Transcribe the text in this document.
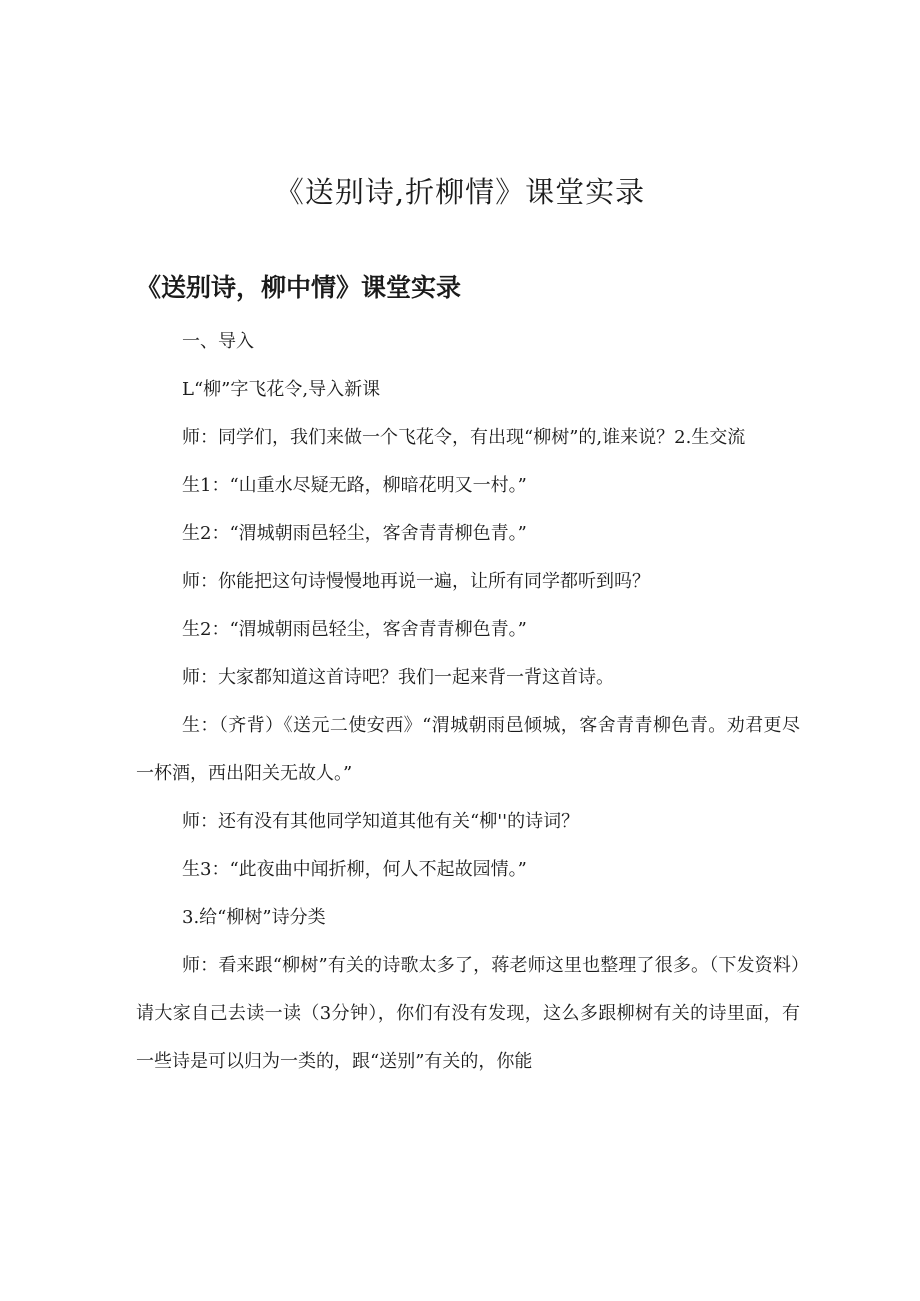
《送别诗,折柳情》课堂实录
《送别诗，柳中情》课堂实录

一、导入

L“柳”字飞花令,导入新课

师：同学们，我们来做一个飞花令，有出现“柳树”的,谁来说？2.生交流

生1：“山重水尽疑无路，柳暗花明又一村。”

生2：“渭城朝雨邑轻尘，客舍青青柳色青。”

师：你能把这句诗慢慢地再说一遍，让所有同学都听到吗？

生2：“渭城朝雨邑轻尘，客舍青青柳色青。”

师：大家都知道这首诗吧？我们一起来背一背这首诗。

生：（齐背）《送元二使安西》“渭城朝雨邑倾城，客舍青青柳色青。劝君更尽一杯酒，西出阳关无故人。”

师：还有没有其他同学知道其他有关“柳''的诗词？

生3：“此夜曲中闻折柳，何人不起故园情。”

3.给“柳树”诗分类

师：看来跟“柳树”有关的诗歌太多了，蒋老师这里也整理了很多。（下发资料）请大家自己去读一读（3分钟），你们有没有发现，这么多跟柳树有关的诗里面，有一些诗是可以归为一类的，跟“送别”有关的，你能
